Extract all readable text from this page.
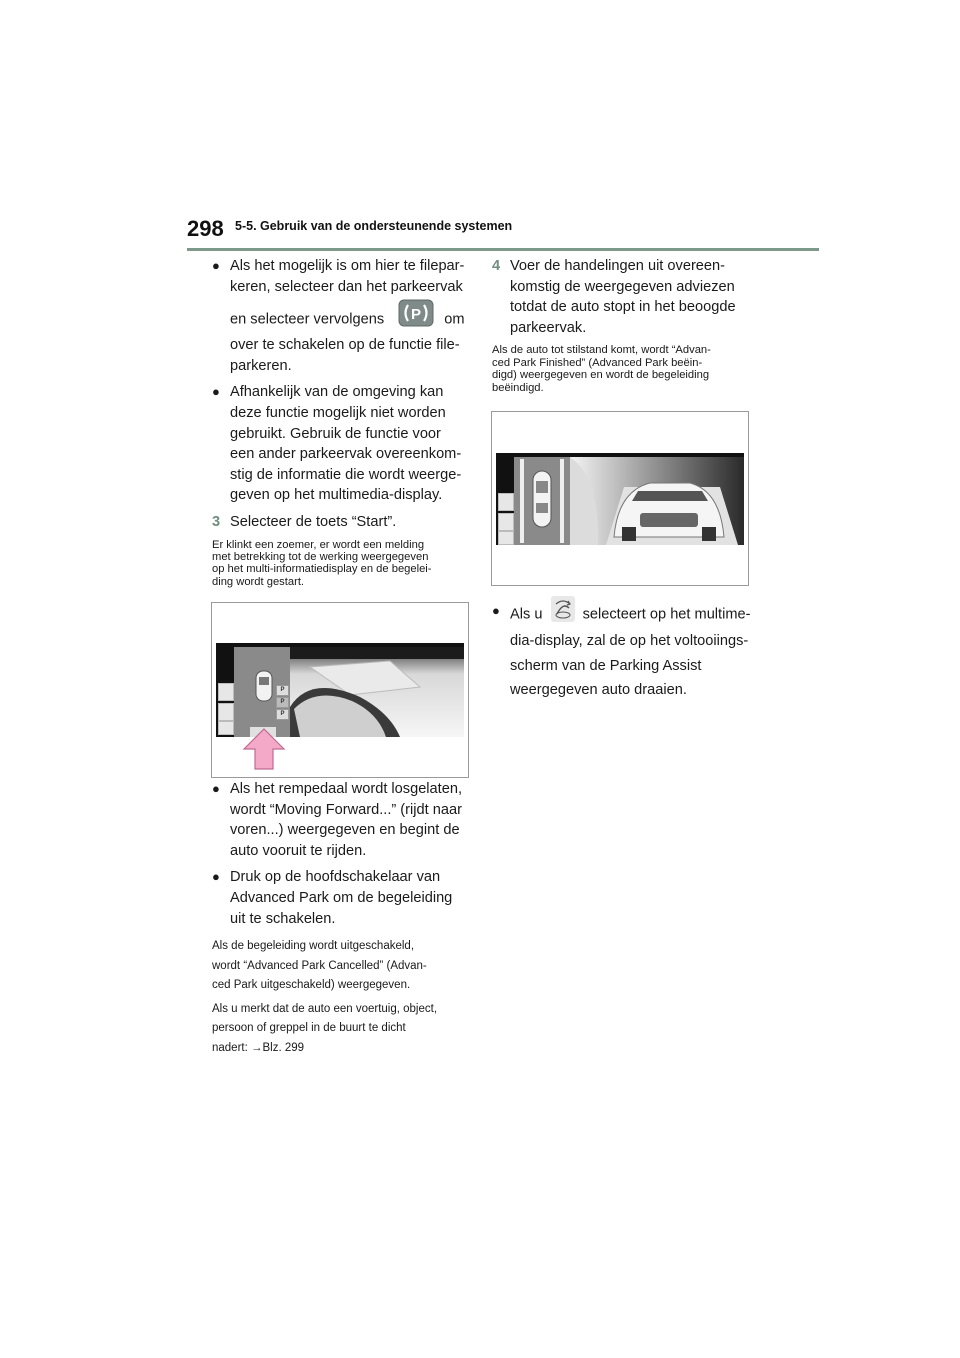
298 5-5. Gebruik van de ondersteunende systemen
● Als het mogelijk is om hier te filepar-
keren, selecteer dan het parkeervak
en selecteer vervolgens P om
over te schakelen op de functie file-
parkeren.
● Afhankelijk van de omgeving kan
deze functie mogelijk niet worden
gebruikt. Gebruik de functie voor
een ander parkeervak overeenkom-
stig de informatie die wordt weerge-
geven op het multimedia-display.
3 Selecteer de toets “Start”.
Er klinkt een zoemer, er wordt een melding
met betrekking tot de werking weergegeven
op het multi-informatiedisplay en de begelei-
ding wordt gestart.
P
P
P
● Als het rempedaal wordt losgelaten,
wordt “Moving Forward...” (rijdt naar
voren...) weergegeven en begint de
auto vooruit te rijden.
● Druk op de hoofdschakelaar van
Advanced Park om de begeleiding
uit te schakelen.
Als de begeleiding wordt uitgeschakeld,
wordt “Advanced Park Cancelled” (Advan-
ced Park uitgeschakeld) weergegeven.
Als u merkt dat de auto een voertuig, object,
persoon of greppel in de buurt te dicht
nadert: →Blz. 299
4 Voer de handelingen uit overeen-
komstig de weergegeven adviezen
totdat de auto stopt in het beoogde
parkeervak.
Als de auto tot stilstand komt, wordt “Advan-
ced Park Finished” (Advanced Park beëin-
digd) weergegeven en wordt de begeleiding
beëindigd.
● Als u	selecteert op het multime-
dia-display, zal de op het voltooiings-
scherm van de Parking Assist
weergegeven auto draaien.
